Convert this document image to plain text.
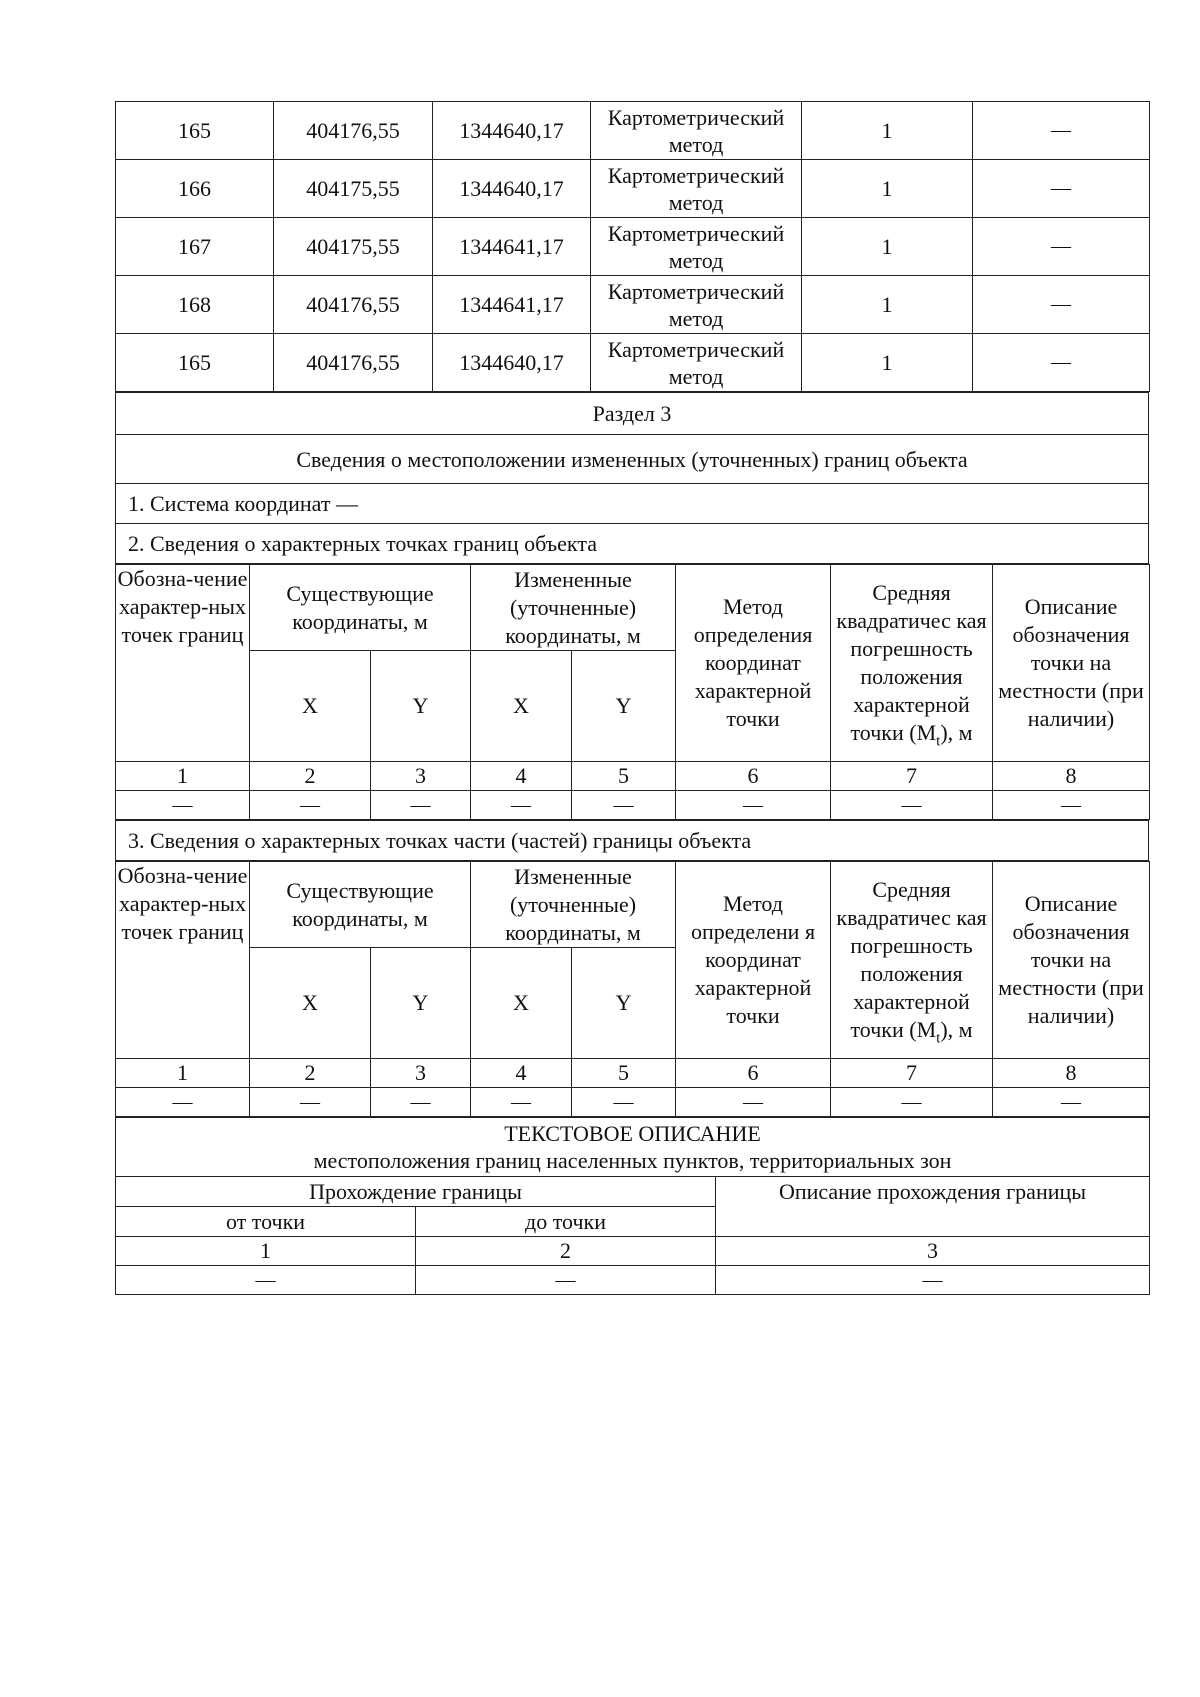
165	404176,55	1344640,17	Картометрический метод	1	—
166	404175,55	1344640,17	Картометрический метод	1	—
167	404175,55	1344641,17	Картометрический метод	1	—
168	404176,55	1344641,17	Картометрический метод	1	—
165	404176,55	1344640,17	Картометрический метод	1	—
Раздел 3
Сведения о местоположении измененных (уточненных) границ объекта
1. Система координат —
2. Сведения о характерных точках границ объекта
Обозна-чение характер-ных точек границ	Существующие координаты, м		Измененные (уточненные) координаты, м		Метод определения координат характерной точки	Средняя квадратичес кая погрешность положения характерной точки $(M_t)$, м	Описание обозначения точки на местности (при наличии)
	X	Y	X	Y			
1	2	3	4	5	6	7	8
—	—	—	—	—	—	—	—
3. Сведения о характерных точках части (частей) границы объекта
Обозна-чение характер-ных точек границ	Существующие координаты, м		Измененные (уточненные) координаты, м		Метод определени я координат характерной точки	Средняя квадратичес кая погрешность положения характерной точки $(M_t)$, м	Описание обозначения точки на местности (при наличии)
	X	Y	X	Y			
1	2	3	4	5	6	7	8
—	—	—	—	—	—	—	—
ТЕКСТОВОЕ ОПИСАНИЕ
местоположения границ населенных пунктов, территориальных зон		

Прохождение границы		Описание прохождения границы
от точки	до точки	
1	2	3
—	—	—
